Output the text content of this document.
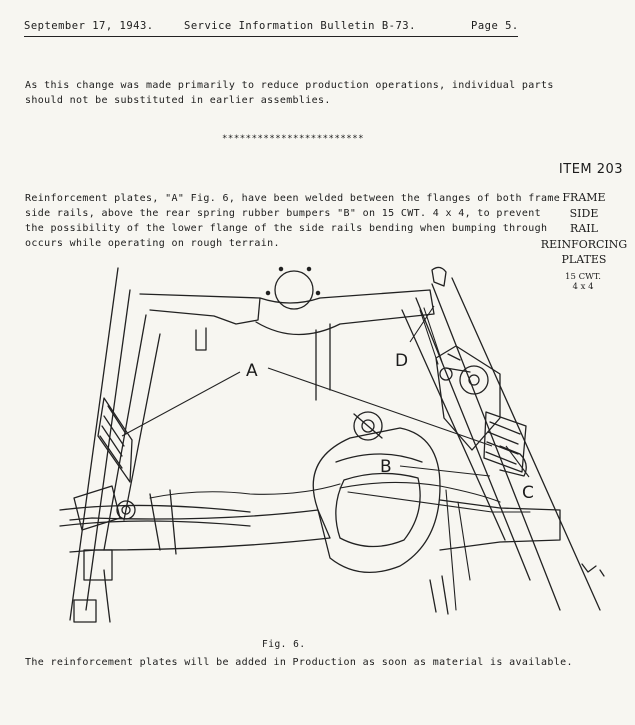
September 17, 1943.	Service Information Bulletin B-73.	Page 5.

As this change was made primarily to reduce production operations, individual parts
should not be substituted in earlier assemblies.

************************

Reinforcement plates, "A" Fig. 6, have been welded between the flanges of both frame
side rails, above the rear spring rubber bumpers "B" on 15 CWT. 4 x 4, to prevent
the possibility of the lower flange of the side rails bending when bumping through
occurs while operating on rough terrain.

ITEM 203
FRAME
SIDE
RAIL
REINFORCING
PLATES
15 CWT.
4 x 4
A
B
C
D
Fig. 6.
The reinforcement plates will be added in Production as soon as material is available.
